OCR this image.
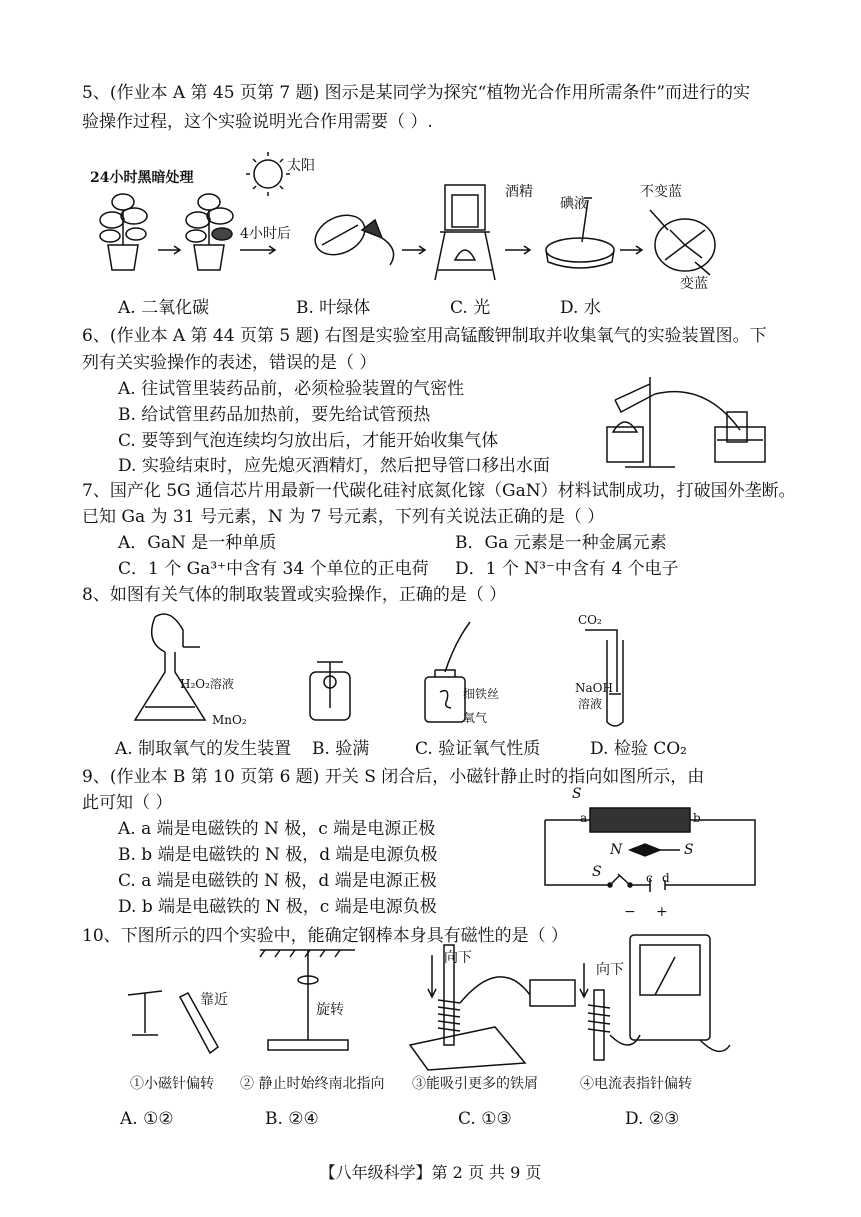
5、(作业本 A 第 45 页第 7 题) 图示是某同学为探究“植物光合作用所需条件”而进行的实
验操作过程，这个实验说明光合作用需要（ ）.
24小时黑暗处理
太阳
4小时后
酒精
碘液
不变蓝
变蓝
A. 二氧化碳	B. 叶绿体	C. 光	D. 水
6、(作业本 A 第 44 页第 5 题) 右图是实验室用高锰酸钾制取并收集氧气的实验装置图。下
列有关实验操作的表述，错误的是（ ）
A. 往试管里装药品前，必须检验装置的气密性
B. 给试管里药品加热前，要先给试管预热
C. 要等到气泡连续均匀放出后，才能开始收集气体
D. 实验结束时，应先熄灭酒精灯，然后把导管口移出水面
7、国产化 5G 通信芯片用最新一代碳化硅衬底氮化镓（GaN）材料试制成功，打破国外垄断。
已知 Ga 为 31 号元素，N 为 7 号元素，下列有关说法正确的是（ ）
A．GaN 是一种单质	B．Ga 元素是一种金属元素
C．1 个 Ga³⁺中含有 34 个单位的正电荷 D．1 个 N³⁻中含有 4 个电子
8、如图有关气体的制取装置或实验操作，正确的是（ ）
H₂O₂溶液
MnO₂
细铁丝
氧气
CO₂
NaOH
溶液
A. 制取氧气的发生装置 B. 验满	C. 验证氧气性质	D. 检验 CO₂
9、(作业本 B 第 10 页第 6 题) 开关 S 闭合后，小磁针静止时的指向如图所示，由
此可知（ ）
A. a 端是电磁铁的 N 极，c 端是电源正极
B. b 端是电磁铁的 N 极，d 端是电源负极
C. a 端是电磁铁的 N 极，d 端是电源正极
D. b 端是电磁铁的 N 极，c 端是电源负极
S
a	b
N	S
S	c d
− +
10、下图所示的四个实验中，能确定钢棒本身具有磁性的是（ ）
靠近
旋转
向下
向下
①小磁针偏转 ② 静止时始终南北指向 ③能吸引更多的铁屑	④电流表指针偏转
A. ①②	B. ②④	C. ①③	D. ②③
【八年级科学】第 2 页 共 9 页
